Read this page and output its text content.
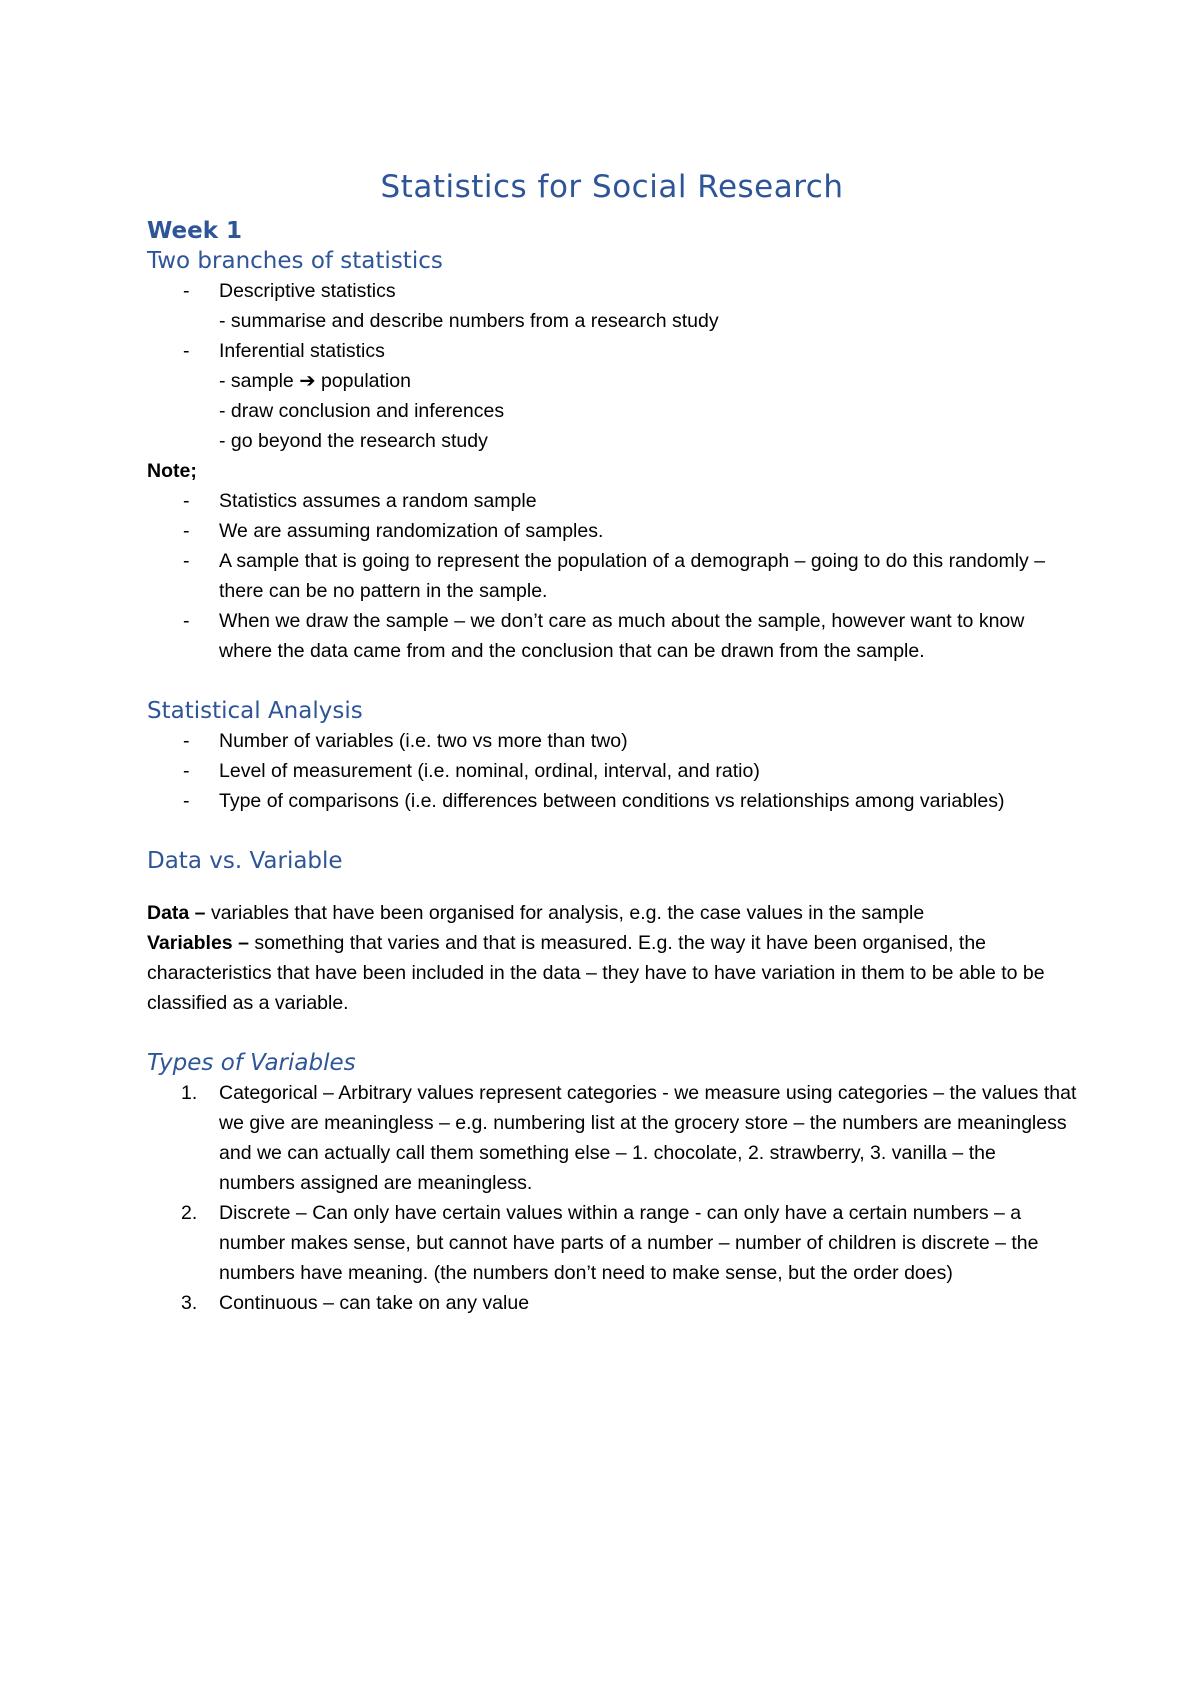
Statistics for Social Research
Week 1
Two branches of statistics
- Descriptive statistics
- summarise and describe numbers from a research study
- Inferential statistics
- sample ➔ population
- draw conclusion and inferences
- go beyond the research study
Note;
- Statistics assumes a random sample
- We are assuming randomization of samples.
- A sample that is going to represent the population of a demograph – going to do this randomly – there can be no pattern in the sample.
- When we draw the sample – we don’t care as much about the sample, however want to know where the data came from and the conclusion that can be drawn from the sample.
Statistical Analysis
- Number of variables (i.e. two vs more than two)
- Level of measurement (i.e. nominal, ordinal, interval, and ratio)
- Type of comparisons (i.e. differences between conditions vs relationships among variables)
Data vs. Variable
Data – variables that have been organised for analysis, e.g. the case values in the sample
Variables – something that varies and that is measured. E.g. the way it have been organised, the characteristics that have been included in the data – they have to have variation in them to be able to be classified as a variable.
Types of Variables
1. Categorical – Arbitrary values represent categories - we measure using categories – the values that we give are meaningless – e.g. numbering list at the grocery store – the numbers are meaningless and we can actually call them something else – 1. chocolate, 2. strawberry, 3. vanilla – the numbers assigned are meaningless.
2. Discrete – Can only have certain values within a range - can only have a certain numbers – a number makes sense, but cannot have parts of a number – number of children is discrete – the numbers have meaning. (the numbers don’t need to make sense, but the order does)
3. Continuous – can take on any value
